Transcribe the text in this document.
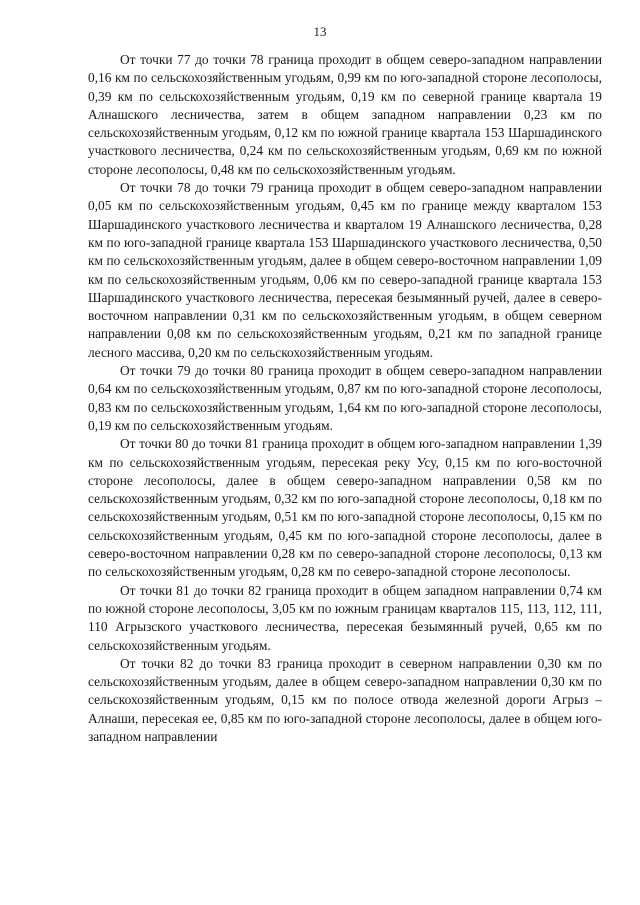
13

От точки 77 до точки 78 граница проходит в общем северо-западном направлении 0,16 км по сельскохозяйственным угодьям, 0,99 км по юго-западной стороне лесополосы, 0,39 км по сельскохозяйственным угодьям, 0,19 км по северной границе квартала 19 Алнашского лесничества, затем в общем западном направлении 0,23 км по сельскохозяйственным угодьям, 0,12 км по южной границе квартала 153 Шаршадинского участкового лесничества, 0,24 км по сельскохозяйственным угодьям, 0,69 км по южной стороне лесополосы, 0,48 км по сельскохозяйственным угодьям.

От точки 78 до точки 79 граница проходит в общем северо-западном направлении 0,05 км по сельскохозяйственным угодьям, 0,45 км по границе между кварталом 153 Шаршадинского участкового лесничества и кварталом 19 Алнашского лесничества, 0,28 км по юго-западной границе квартала 153 Шаршадинского участкового лесничества, 0,50 км по сельскохозяйственным угодьям, далее в общем северо-восточном направлении 1,09 км по сельскохозяйственным угодьям, 0,06 км по северо-западной границе квартала 153 Шаршадинского участкового лесничества, пересекая безымянный ручей, далее в северо-восточном направлении 0,31 км по сельскохозяйственным угодьям, в общем северном направлении 0,08 км по сельскохозяйственным угодьям, 0,21 км по западной границе лесного массива, 0,20 км по сельскохозяйственным угодьям.

От точки 79 до точки 80 граница проходит в общем северо-западном направлении 0,64 км по сельскохозяйственным угодьям, 0,87 км по юго-западной стороне лесополосы, 0,83 км по сельскохозяйственным угодьям, 1,64 км по юго-западной стороне лесополосы, 0,19 км по сельскохозяйственным угодьям.

От точки 80 до точки 81 граница проходит в общем юго-западном направлении 1,39 км по сельскохозяйственным угодьям, пересекая реку Усу, 0,15 км по юго-восточной стороне лесополосы, далее в общем северо-западном направлении 0,58 км по сельскохозяйственным угодьям, 0,32 км по юго-западной стороне лесополосы, 0,18 км по сельскохозяйственным угодьям, 0,51 км по юго-западной стороне лесополосы, 0,15 км по сельскохозяйственным угодьям, 0,45 км по юго-западной стороне лесополосы, далее в северо-восточном направлении 0,28 км по северо-западной стороне лесополосы, 0,13 км по сельскохозяйственным угодьям, 0,28 км по северо-западной стороне лесополосы.

От точки 81 до точки 82 граница проходит в общем западном направлении 0,74 км по южной стороне лесополосы, 3,05 км по южным границам кварталов 115, 113, 112, 111, 110 Агрызского участкового лесничества, пересекая безымянный ручей, 0,65 км по сельскохозяйственным угодьям.

От точки 82 до точки 83 граница проходит в северном направлении 0,30 км по сельскохозяйственным угодьям, далее в общем северо-западном направлении 0,30 км по сельскохозяйственным угодьям, 0,15 км по полосе отвода железной дороги Агрыз – Алнаши, пересекая ее, 0,85 км по юго-западной стороне лесополосы, далее в общем юго-западном направлении
